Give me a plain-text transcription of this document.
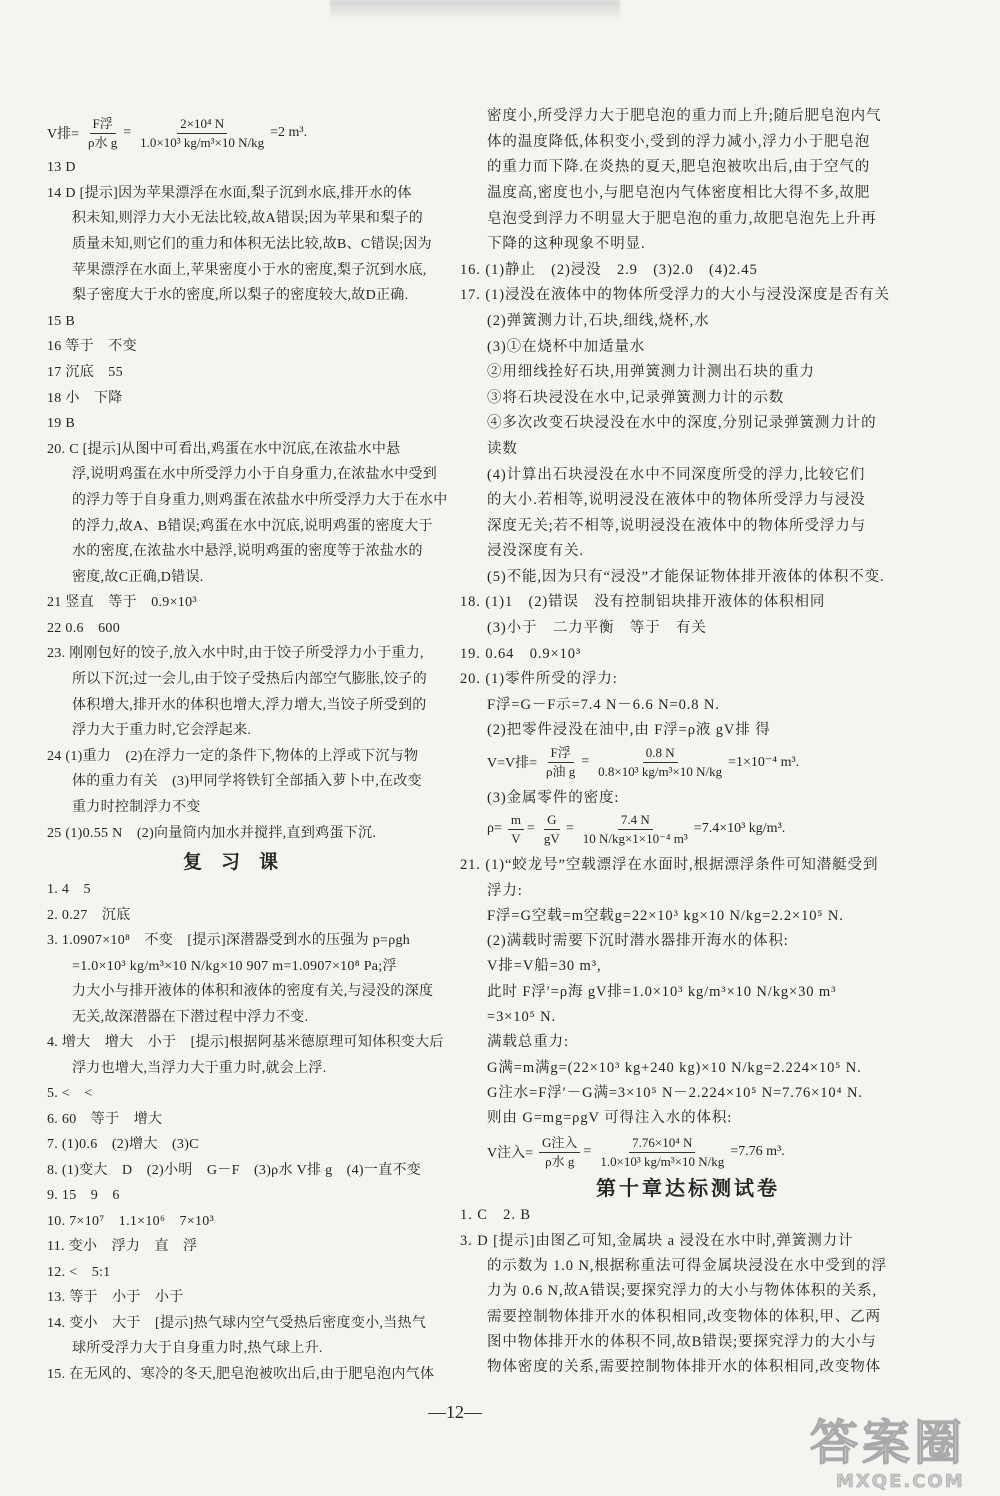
V排= $\frac{\text{F浮}}{\text{ρ水 g}} = \frac{\text{2×10⁴ N}}{\text{1.0×10³ kg/m³×10 N/kg}} =2$ m³.
13 D
14 D [提示]因为苹果漂浮在水面,梨子沉到水底,排开水的体
积未知,则浮力大小无法比较,故A错误;因为苹果和梨子的
质量未知,则它们的重力和体积无法比较,故B、C错误;因为
苹果漂浮在水面上,苹果密度小于水的密度,梨子沉到水底,
梨子密度大于水的密度,所以梨子的密度较大,故D正确.
15 B
16 等于　不变
17 沉底　55
18 小　下降
19 B
20. C [提示]从图中可看出,鸡蛋在水中沉底,在浓盐水中悬
浮,说明鸡蛋在水中所受浮力小于自身重力,在浓盐水中受到
的浮力等于自身重力,则鸡蛋在浓盐水中所受浮力大于在水中
的浮力,故A、B错误;鸡蛋在水中沉底,说明鸡蛋的密度大于
水的密度,在浓盐水中悬浮,说明鸡蛋的密度等于浓盐水的
密度,故C正确,D错误.
21 竖直　等于　0.9×10³
22 0.6　600
23. 刚刚包好的饺子,放入水中时,由于饺子所受浮力小于重力,
所以下沉;过一会儿,由于饺子受热后内部空气膨胀,饺子的
体积增大,排开水的体积也增大,浮力增大,当饺子所受到的
浮力大于重力时,它会浮起来.
24 (1)重力　(2)在浮力一定的条件下,物体的上浮或下沉与物
体的重力有关　(3)甲同学将铁钉全部插入萝卜中,在改变
重力时控制浮力不变
25 (1)0.55 N　(2)向量筒内加水并搅拌,直到鸡蛋下沉.
复　习　课
1. 4　5
2. 0.27　沉底
3. 1.0907×10⁸　不变　[提示]深潜器受到水的压强为 p=ρgh
=1.0×10³ kg/m³×10 N/kg×10 907 m=1.0907×10⁸ Pa;浮
力大小与排开液体的体积和液体的密度有关,与浸没的深度
无关,故深潜器在下潜过程中浮力不变.
4. 增大　增大　小于　[提示]根据阿基米德原理可知体积变大后
浮力也增大,当浮力大于重力时,就会上浮.
5. <　<
6. 60　等于　增大
7. (1)0.6　(2)增大　(3)C
8. (1)变大　D　(2)小明　G－F　(3)ρ水 V排 g　(4)一直不变
9. 15　9　6
10. 7×10⁷　1.1×10⁶　7×10³
11. 变小　浮力　直　浮
12. <　5:1
13. 等于　小于　小于
14. 变小　大于　[提示]热气球内空气受热后密度变小,当热气
球所受浮力大于自身重力时,热气球上升.
15. 在无风的、寒冷的冬天,肥皂泡被吹出后,由于肥皂泡内气体
密度小,所受浮力大于肥皂泡的重力而上升;随后肥皂泡内气
体的温度降低,体积变小,受到的浮力减小,浮力小于肥皂泡
的重力而下降.在炎热的夏天,肥皂泡被吹出后,由于空气的
温度高,密度也小,与肥皂泡内气体密度相比大得不多,故肥
皂泡受到浮力不明显大于肥皂泡的重力,故肥皂泡先上升再
下降的这种现象不明显.
16. (1)静止　(2)浸没　2.9　(3)2.0　(4)2.45
17. (1)浸没在液体中的物体所受浮力的大小与浸没深度是否有关
(2)弹簧测力计,石块,细线,烧杯,水
(3)①在烧杯中加适量水
②用细线拴好石块,用弹簧测力计测出石块的重力
③将石块浸没在水中,记录弹簧测力计的示数
④多次改变石块浸没在水中的深度,分别记录弹簧测力计的
读数
(4)计算出石块浸没在水中不同深度所受的浮力,比较它们
的大小.若相等,说明浸没在液体中的物体所受浮力与浸没
深度无关;若不相等,说明浸没在液体中的物体所受浮力与
浸没深度有关.
(5)不能,因为只有“浸没”才能保证物体排开液体的体积不变.
18. (1)1　(2)错误　没有控制铝块排开液体的体积相同
(3)小于　二力平衡　等于　有关
19. 0.64　0.9×10³
20. (1)零件所受的浮力:
F浮=G－F示=7.4 N－6.6 N=0.8 N.
(2)把零件浸没在油中,由 F浮=ρ液 gV排 得
V=V排= $\frac{\text{F浮}}{\text{ρ油 g}} = \frac{0.8 N}{\text{0.8×10³ kg/m³×10 N/kg}} =1\times 10^{-4}$ m³.
(3)金属零件的密度:
$\rho= \frac{m}{V} = \frac{G}{gV} = \frac{7.4 N}{\text{10 N/kg×1×10⁻⁴ m³}} =7.4\times 10^3$ kg/m³.
21. (1)“蛟龙号”空载漂浮在水面时,根据漂浮条件可知潜艇受到
浮力:
F浮=G空载=m空载g=22×10³ kg×10 N/kg=2.2×10⁵ N.
(2)满载时需要下沉时潜水器排开海水的体积:
V排=V船=30 m³,
此时 F浮′=ρ海 gV排=1.0×10³ kg/m³×10 N/kg×30 m³
=3×10⁵ N.
满载总重力:
G满=m满g=(22×10³ kg+240 kg)×10 N/kg=2.224×10⁵ N.
G注水=F浮′－G满=3×10⁵ N－2.224×10⁵ N=7.76×10⁴ N.
则由 G=mg=ρgV 可得注入水的体积:
V注入= $\frac{\text{G注入}}{\text{ρ水 g}} = \frac{\text{7.76×10⁴ N}}{\text{1.0×10³ kg/m³×10 N/kg}} =7.76$ m³.
第十章达标测试卷
1. C　2. B
3. D [提示]由图乙可知,金属块 a 浸没在水中时,弹簧测力计
的示数为 1.0 N,根据称重法可得金属块浸没在水中受到的浮
力为 0.6 N,故A错误;要探究浮力的大小与物体体积的关系,
需要控制物体排开水的体积相同,改变物体的体积,甲、乙两
图中物体排开水的体积不同,故B错误;要探究浮力的大小与
物体密度的关系,需要控制物体排开水的体积相同,改变物体
—12—
答案圈
MXQE.COM
